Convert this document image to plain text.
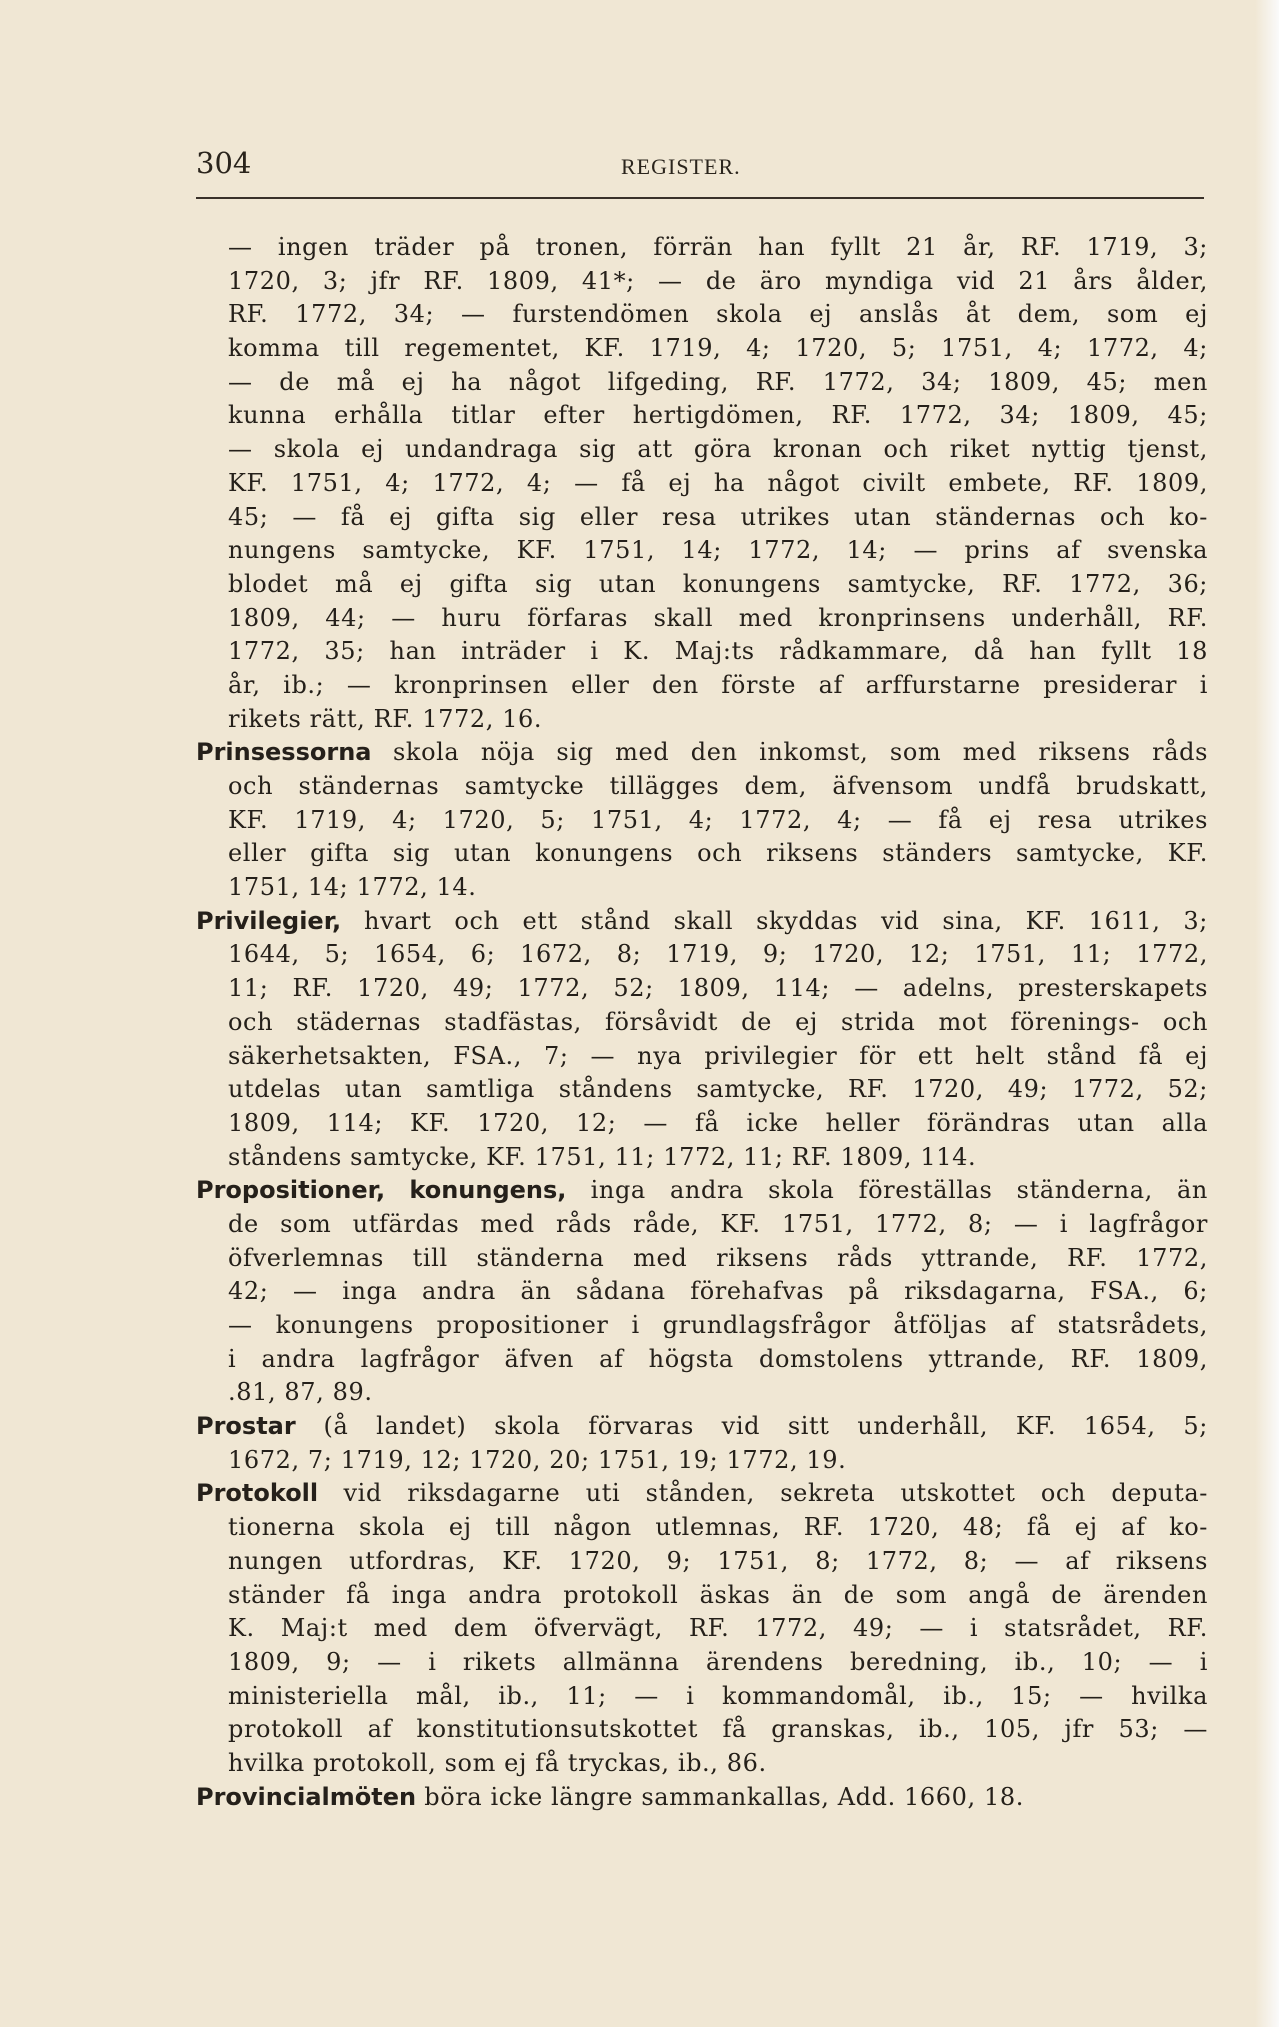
304	REGISTER.
— ingen träder på tronen, förrän han fyllt 21 år, RF. 1719, 3;
1720, 3; jfr RF. 1809, 41*; — de äro myndiga vid 21 års ålder,
RF. 1772, 34; — furstendömen skola ej anslås åt dem, som ej
komma till regementet, KF. 1719, 4; 1720, 5; 1751, 4; 1772, 4;
— de må ej ha något lifgeding, RF. 1772, 34; 1809, 45; men
kunna erhålla titlar efter hertigdömen, RF. 1772, 34; 1809, 45;
— skola ej undandraga sig att göra kronan och riket nyttig tjenst,
KF. 1751, 4; 1772, 4; — få ej ha något civilt embete, RF. 1809,
45; — få ej gifta sig eller resa utrikes utan ständernas och ko-
nungens samtycke, KF. 1751, 14; 1772, 14; — prins af svenska
blodet må ej gifta sig utan konungens samtycke, RF. 1772, 36;
1809, 44; — huru förfaras skall med kronprinsens underhåll, RF.
1772, 35; han inträder i K. Maj:ts rådkammare, då han fyllt 18
år, ib.; — kronprinsen eller den förste af arffurstarne presiderar i
rikets rätt, RF. 1772, 16.
Prinsessorna skola nöja sig med den inkomst, som med riksens råds
och ständernas samtycke tillägges dem, äfvensom undfå brudskatt,
KF. 1719, 4; 1720, 5; 1751, 4; 1772, 4; — få ej resa utrikes
eller gifta sig utan konungens och riksens ständers samtycke, KF.
1751, 14; 1772, 14.
Privilegier, hvart och ett stånd skall skyddas vid sina, KF. 1611, 3;
1644, 5; 1654, 6; 1672, 8; 1719, 9; 1720, 12; 1751, 11; 1772,
11; RF. 1720, 49; 1772, 52; 1809, 114; — adelns, presterskapets
och städernas stadfästas, försåvidt de ej strida mot förenings- och
säkerhetsakten, FSA., 7; — nya privilegier för ett helt stånd få ej
utdelas utan samtliga ståndens samtycke, RF. 1720, 49; 1772, 52;
1809, 114; KF. 1720, 12; — få icke heller förändras utan alla
ståndens samtycke, KF. 1751, 11; 1772, 11; RF. 1809, 114.
Propositioner, konungens, inga andra skola föreställas ständerna, än
de som utfärdas med råds råde, KF. 1751, 1772, 8; — i lagfrågor
öfverlemnas till ständerna med riksens råds yttrande, RF. 1772,
42; — inga andra än sådana förehafvas på riksdagarna, FSA., 6;
— konungens propositioner i grundlagsfrågor åtföljas af statsrådets,
i andra lagfrågor äfven af högsta domstolens yttrande, RF. 1809,
.81, 87, 89.
Prostar (å landet) skola förvaras vid sitt underhåll, KF. 1654, 5;
1672, 7; 1719, 12; 1720, 20; 1751, 19; 1772, 19.
Protokoll vid riksdagarne uti stånden, sekreta utskottet och deputa-
tionerna skola ej till någon utlemnas, RF. 1720, 48; få ej af ko-
nungen utfordras, KF. 1720, 9; 1751, 8; 1772, 8; — af riksens
ständer få inga andra protokoll äskas än de som angå de ärenden
K. Maj:t med dem öfvervägt, RF. 1772, 49; — i statsrådet, RF.
1809, 9; — i rikets allmänna ärendens beredning, ib., 10; — i
ministeriella mål, ib., 11; — i kommandomål, ib., 15; — hvilka
protokoll af konstitutionsutskottet få granskas, ib., 105, jfr 53; —
hvilka protokoll, som ej få tryckas, ib., 86.
Provincialmöten böra icke längre sammankallas, Add. 1660, 18.
